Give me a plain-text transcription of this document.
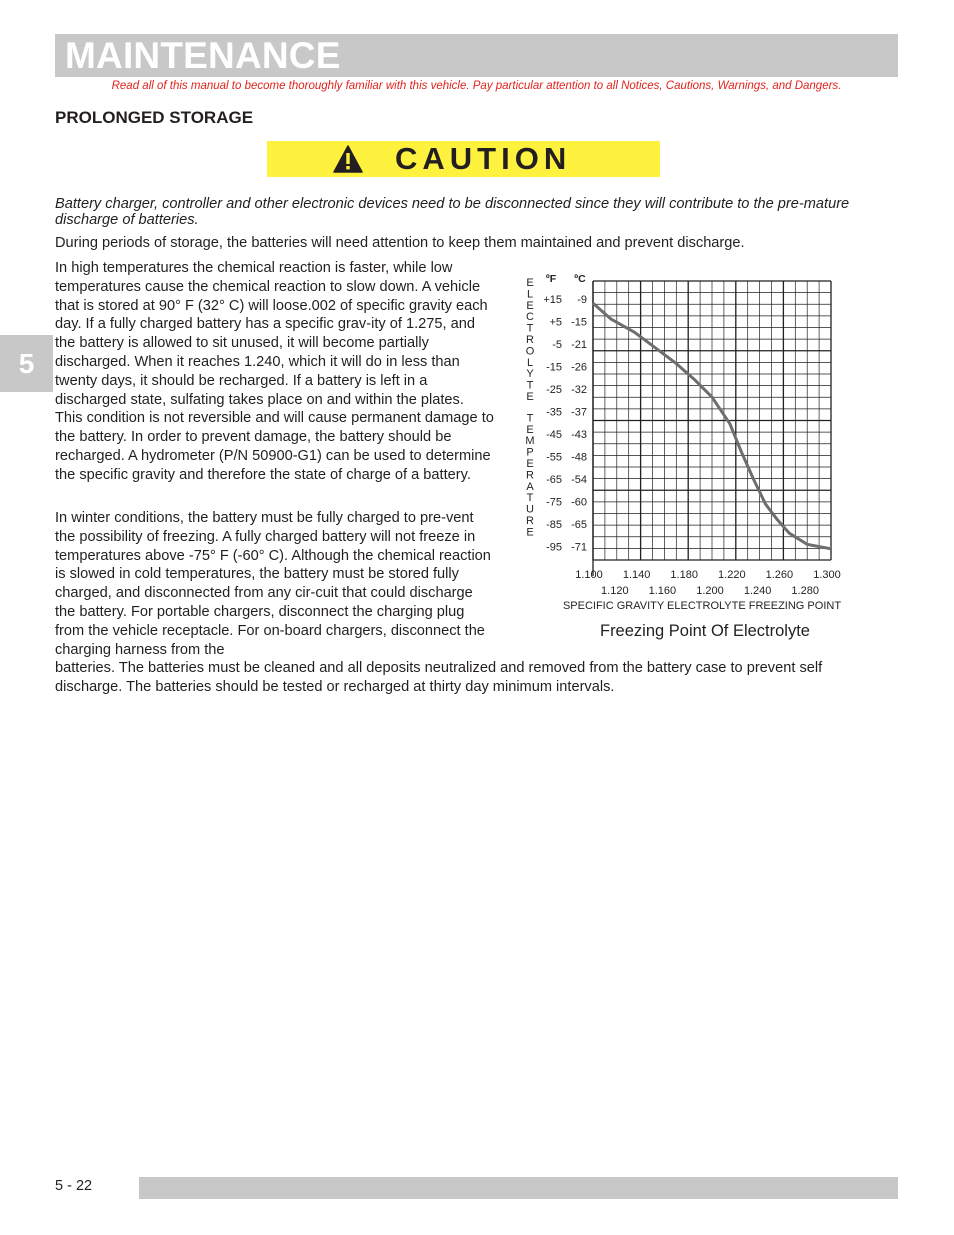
MAINTENANCE
Read all of this manual to become thoroughly familiar with this vehicle. Pay particular attention to all Notices, Cautions, Warnings, and Dangers.
PROLONGED STORAGE
CAUTION
5

Battery charger, controller and other electronic devices need to be disconnected since they will contribute to the pre-mature discharge of batteries.

During periods of storage, the batteries will need attention to keep them maintained and prevent discharge.

In high temperatures the chemical reaction is faster, while low temperatures cause the chemical reaction to slow down. A vehicle that is stored at 90° F (32° C) will loose.002 of specific gravity each day. If a fully charged battery has a specific grav-ity of 1.275, and the battery is allowed to sit unused, it will become partially discharged. When it reaches 1.240, which it will do in less than twenty days, it should be recharged. If a battery is left in a discharged state, sulfating takes place on and within the plates. This condition is not reversible and will cause permanent damage to the battery. In order to prevent damage, the battery should be recharged. A hydrometer (P/N 50900-G1) can be used to determine the specific gravity and therefore the state of charge of a battery.

In winter conditions, the battery must be fully charged to pre-vent the possibility of freezing. A fully charged battery will not freeze in temperatures above -75° F (-60° C). Although the chemical reaction is slowed in cold temperatures, the battery must be stored fully charged, and disconnected from any cir-cuit that could discharge the battery. For portable chargers, disconnect the charging plug from the vehicle receptacle. For on-board chargers, disconnect the charging harness from the

batteries. The batteries must be cleaned and all deposits neutralized and removed from the battery case to prevent self discharge. The batteries should be tested or recharged at thirty day minimum intervals.

ºF ºC
+15
+5
-5
-15
-25
-35
-45
-55
-65
-75
-85
-95
-9
-15
-21
-26
-32
-37
-43
-48
-54
-60
-65
-71
E
L
E
C
T
R
O
L
Y
T
E
T
E
M
P
E
R
A
T
U
R
E
1.100 1.140 1.180 1.220 1.260 1.300
1.120 1.160 1.200 1.240 1.280
SPECIFIC GRAVITY ELECTROLYTE FREEZING POINT

Freezing Point Of Electrolyte

5 - 22
